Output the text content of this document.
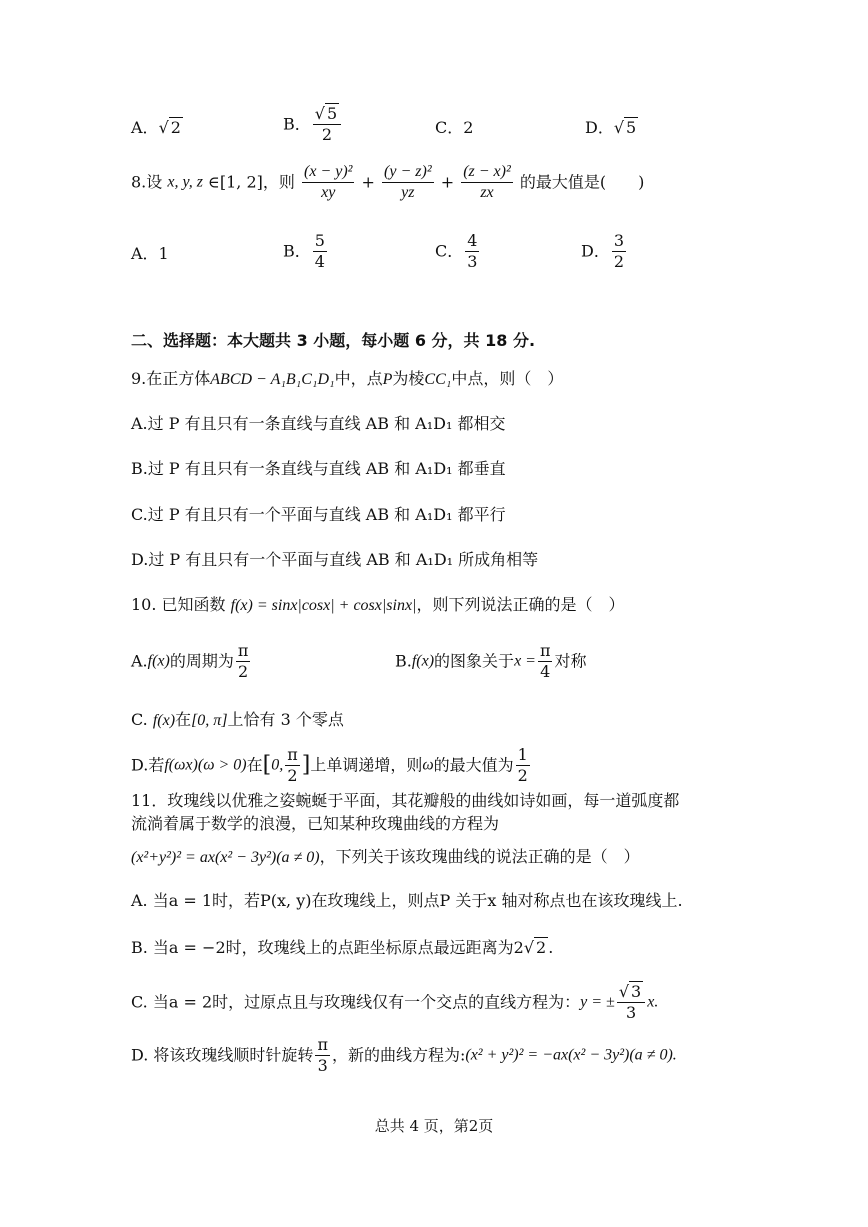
A．√ 2	B． $\frac{√ 5}{2}$	C．2	D．√ 5
8.设 x, y, z ∈[1, 2]，则 $\frac{\text{(x − y)²}}{xy} + \frac{\text{(y − z)²}}{yz} + \frac{\text{(z − x)²}}{zx}$ 的最大值是(　　)
A．1	B． $\frac{5}{4}$	C． $\frac{4}{3}$	D． $\frac{3}{2}$
二、选择题：本大题共 3 小题，每小题 6 分，共 18 分.
9.在正方体ABCD − A₁B₁C₁D₁中，点P为棱CC₁中点，则（　）
A.过 P 有且只有一条直线与直线 AB 和 A₁D₁ 都相交
B.过 P 有且只有一条直线与直线 AB 和 A₁D₁ 都垂直
C.过 P 有且只有一个平面与直线 AB 和 A₁D₁ 都平行
D.过 P 有且只有一个平面与直线 AB 和 A₁D₁ 所成角相等
10. 已知函数 f(x) = sinx|cosx| + cosx|sinx|，则下列说法正确的是（　）
A.f(x)的周期为 $\frac{\pi}{2}$	B.f(x)的图象关于$x = \frac{\pi}{4}$ 对称
C. f(x)在[0, π]上恰有 3 个零点
D.若f(ωx)(ω > 0)在[0, $\frac{\pi}{2}$ ]上单调递增，则ω的最大值为 $\frac{1}{2}$
11．玫瑰线以优雅之姿蜿蜒于平面，其花瓣般的曲线如诗如画，每一道弧度都
流淌着属于数学的浪漫，已知某种玫瑰曲线的方程为
(x²+y²)² = ax(x² − 3y²)(a ≠ 0)，下列关于该玫瑰曲线的说法正确的是（　）
A. 当a = 1时，若P(x, y)在玫瑰线上，则点P 关于x 轴对称点也在该玫瑰线上.
B. 当a = −2时，玫瑰线上的点距坐标原点最远距离为2√ 2 .
C. 当a = 2时，过原点且与玫瑰线仅有一个交点的直线方程为：y = ± $\frac{√ 3}{3} x$.
D. 将该玫瑰线顺时针旋转 $\frac{\pi}{3}$ ，新的曲线方程为:(x² + y²)² = −ax(x² − 3y²)(a ≠ 0).
总共 4 页，第2页
